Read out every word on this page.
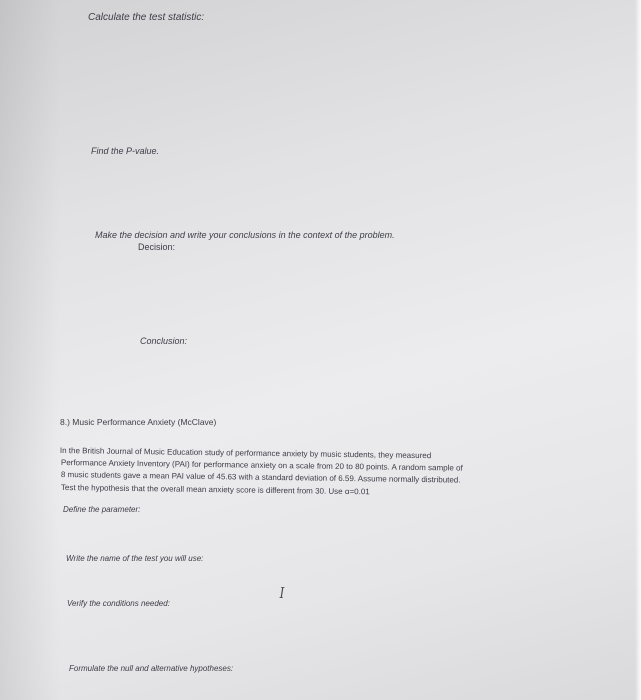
Calculate the test statistic:
Find the P-value.
Make the decision and write your conclusions in the context of the problem.
Decision:
Conclusion:
8.) Music Performance Anxiety (McClave)
In the British Journal of Music Education study of performance anxiety by music students, they measured
Performance Anxiety Inventory (PAI) for performance anxiety on a scale from 20 to 80 points. A random sample of
8 music students gave a mean PAI value of 45.63 with a standard deviation of 6.59. Assume normally distributed.
Test the hypothesis that the overall mean anxiety score is different from 30. Use α=0.01
Define the parameter:
Write the name of the test you will use:
I
Verify the conditions needed:
Formulate the null and alternative hypotheses:
